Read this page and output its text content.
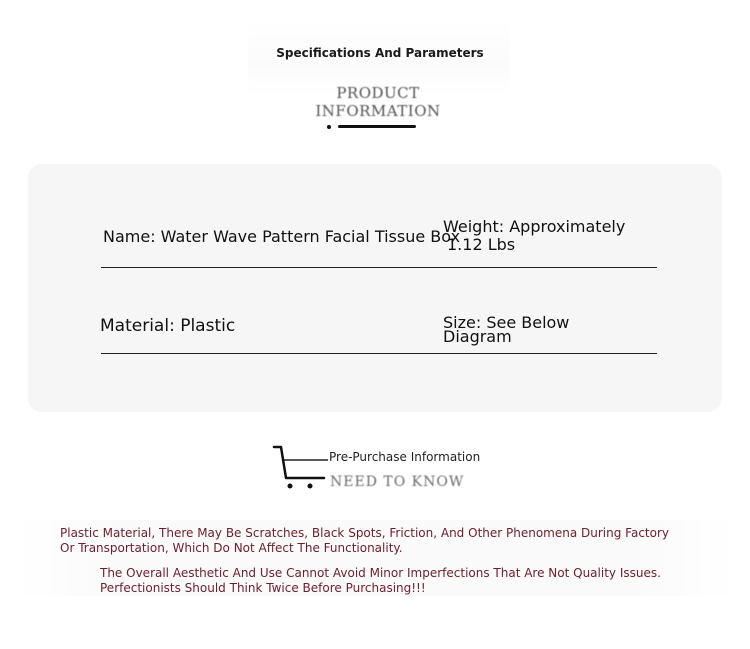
Specifications And Parameters
PRODUCT INFORMATION
Name: Water Wave Pattern Facial Tissue Box
Weight: Approximately
1.12 Lbs
Material: Plastic	Size: See Below
Diagram
Pre-Purchase Information
NEED TO KNOW
Plastic Material, There May Be Scratches, Black Spots, Friction, And Other Phenomena During Factory Or Transportation, Which Do Not Affect The Functionality.
The Overall Aesthetic And Use Cannot Avoid Minor Imperfections That Are Not Quality Issues. Perfectionists Should Think Twice Before Purchasing!!!
